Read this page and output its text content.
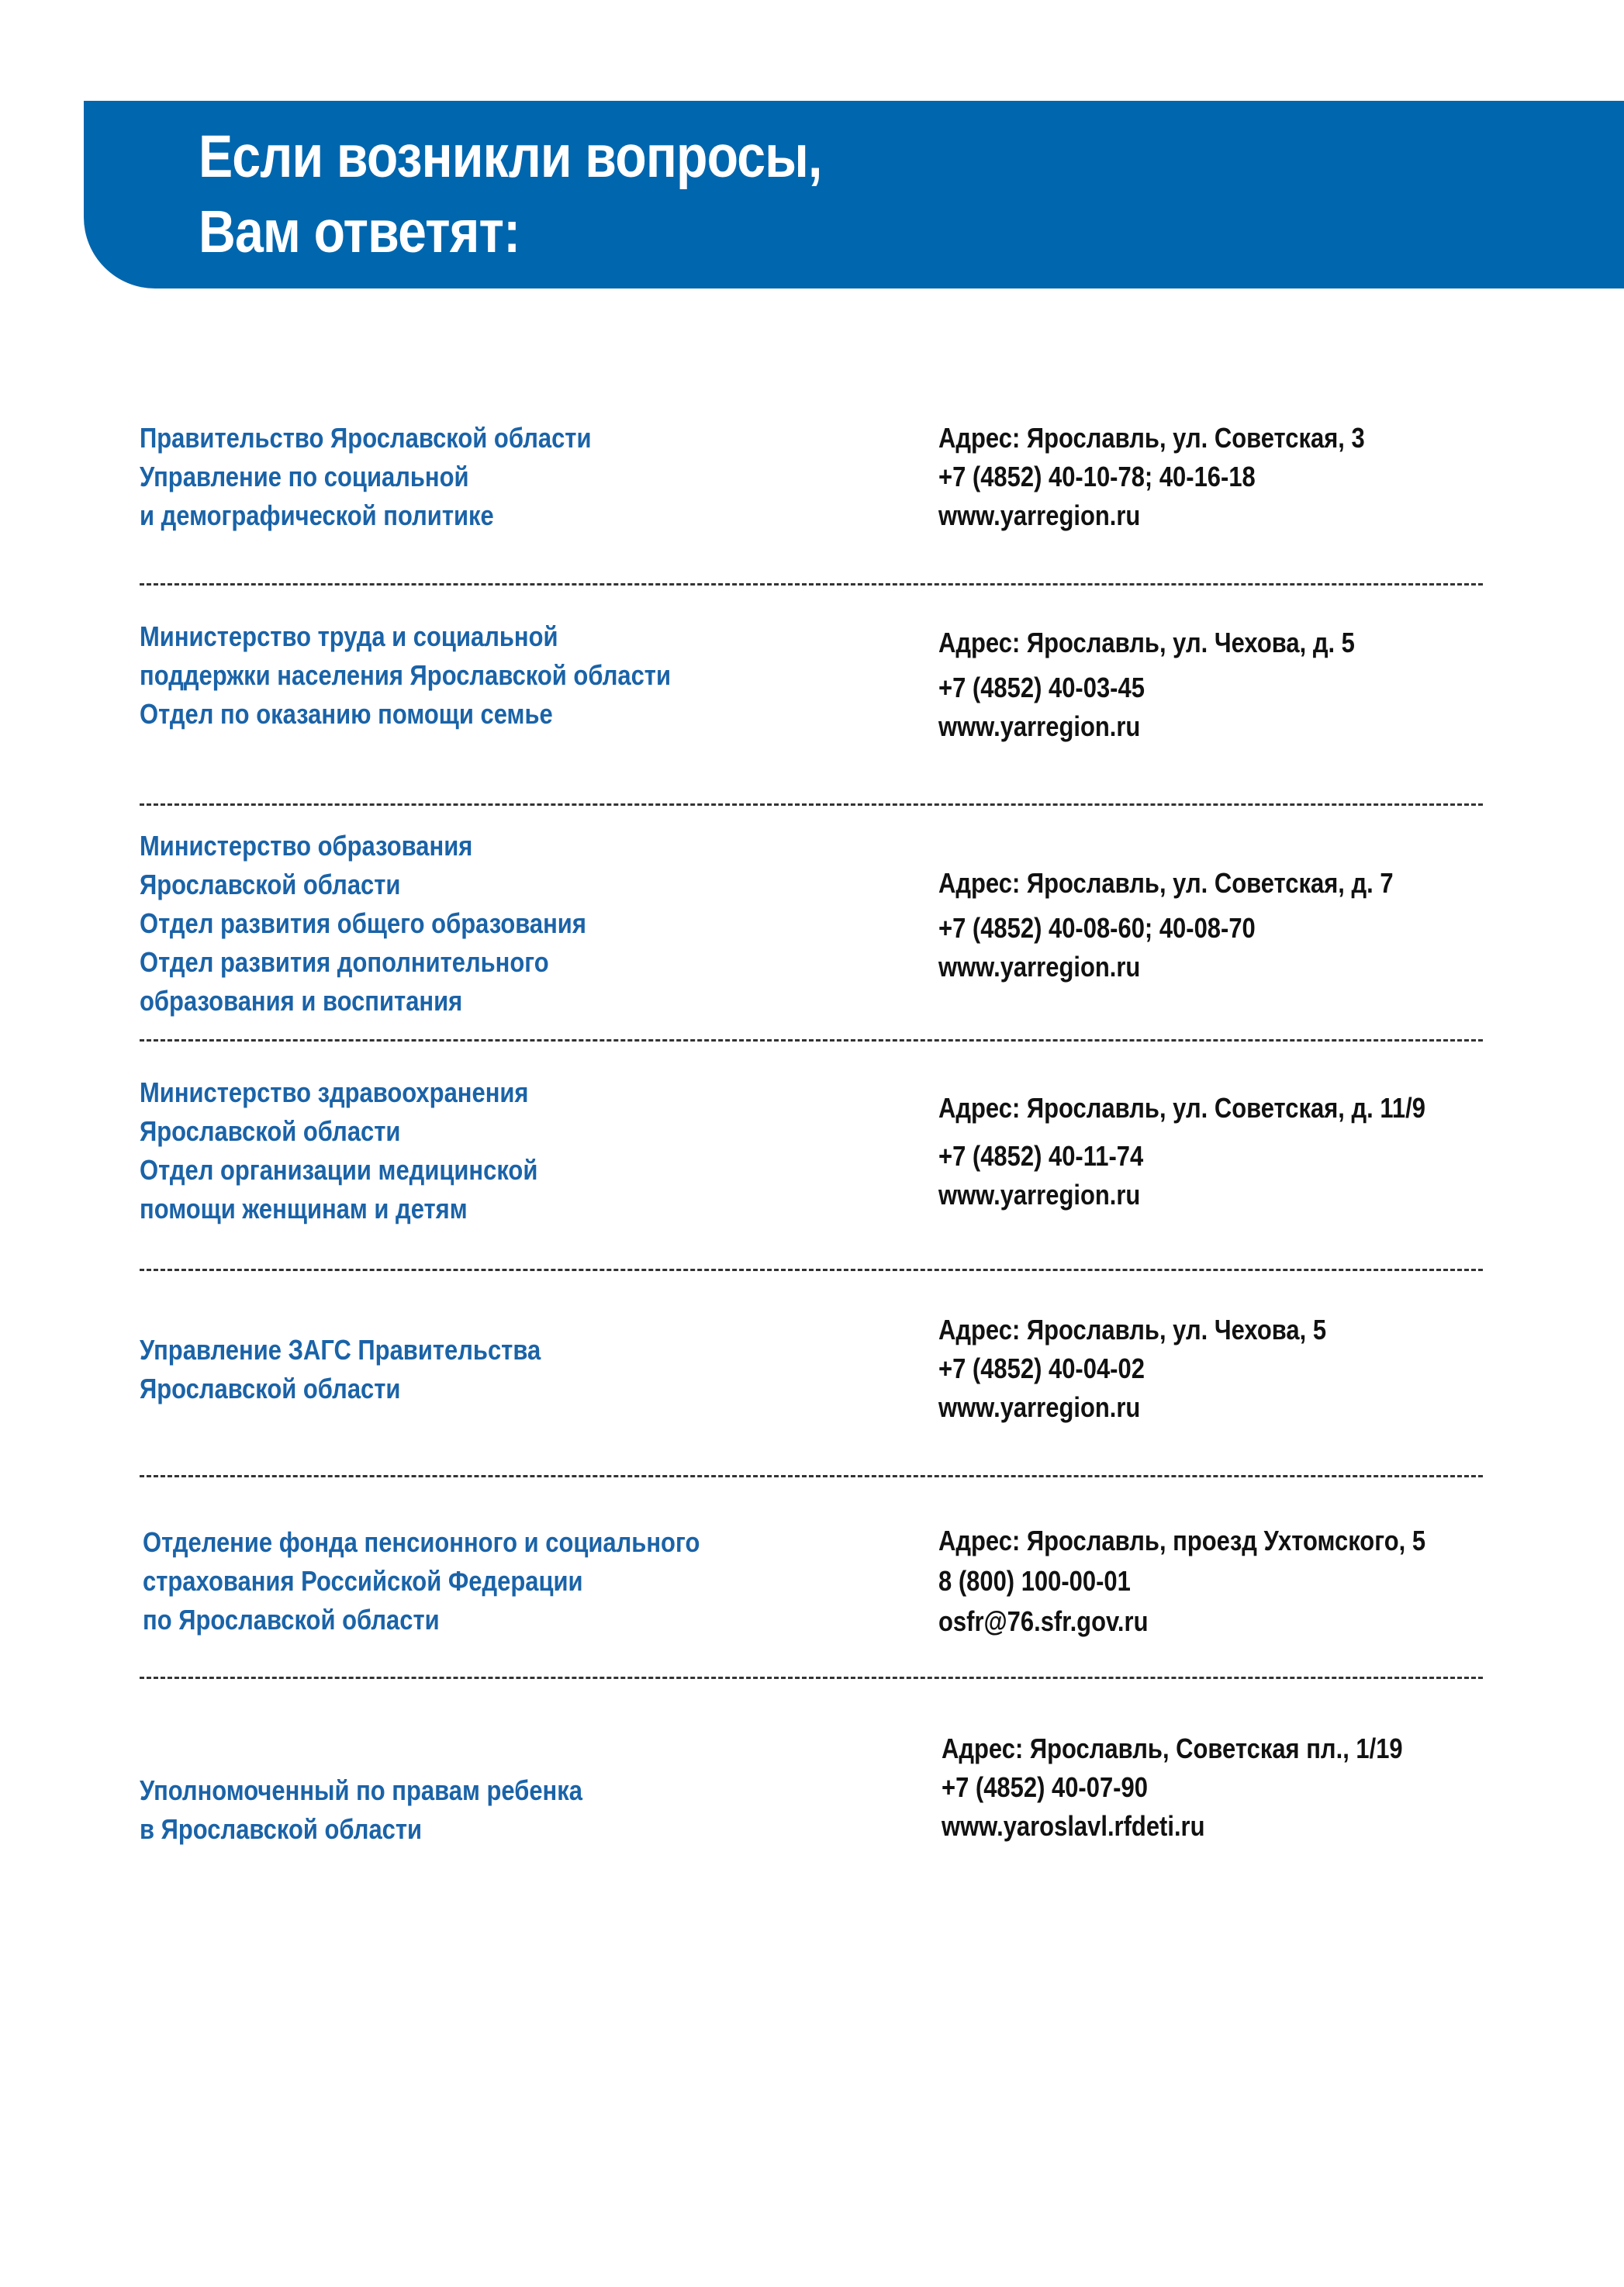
Если возникли вопросы,
Вам ответят:
Правительство Ярославской области
Управление по социальной
и демографической политике
Адрес: Ярославль, ул. Советская, 3
+7 (4852) 40-10-78; 40-16-18
www.yarregion.ru
Министерство труда и социальной
поддержки населения Ярославской области
Отдел по оказанию помощи семье
Адрес: Ярославль, ул. Чехова, д. 5
+7 (4852) 40-03-45
www.yarregion.ru
Министерство образования
Ярославской области
Отдел развития общего образования
Отдел развития дополнительного
образования и воспитания
Адрес: Ярославль, ул. Советская, д. 7
+7 (4852) 40-08-60; 40-08-70
www.yarregion.ru
Министерство здравоохранения
Ярославской области
Отдел организации медицинской
помощи женщинам и детям
Адрес: Ярославль, ул. Советская, д. 11/9
+7 (4852) 40-11-74
www.yarregion.ru
Управление ЗАГС Правительства
Ярославской области
Адрес: Ярославль, ул. Чехова, 5
+7 (4852) 40-04-02
www.yarregion.ru
Отделение фонда пенсионного и социального
страхования Российской Федерации
по Ярославской области
Адрес: Ярославль, проезд Ухтомского, 5
8 (800) 100-00-01
osfr@76.sfr.gov.ru
Уполномоченный по правам ребенка
в Ярославской области
Адрес: Ярославль, Советская пл., 1/19
+7 (4852) 40-07-90
www.yaroslavl.rfdeti.ru
